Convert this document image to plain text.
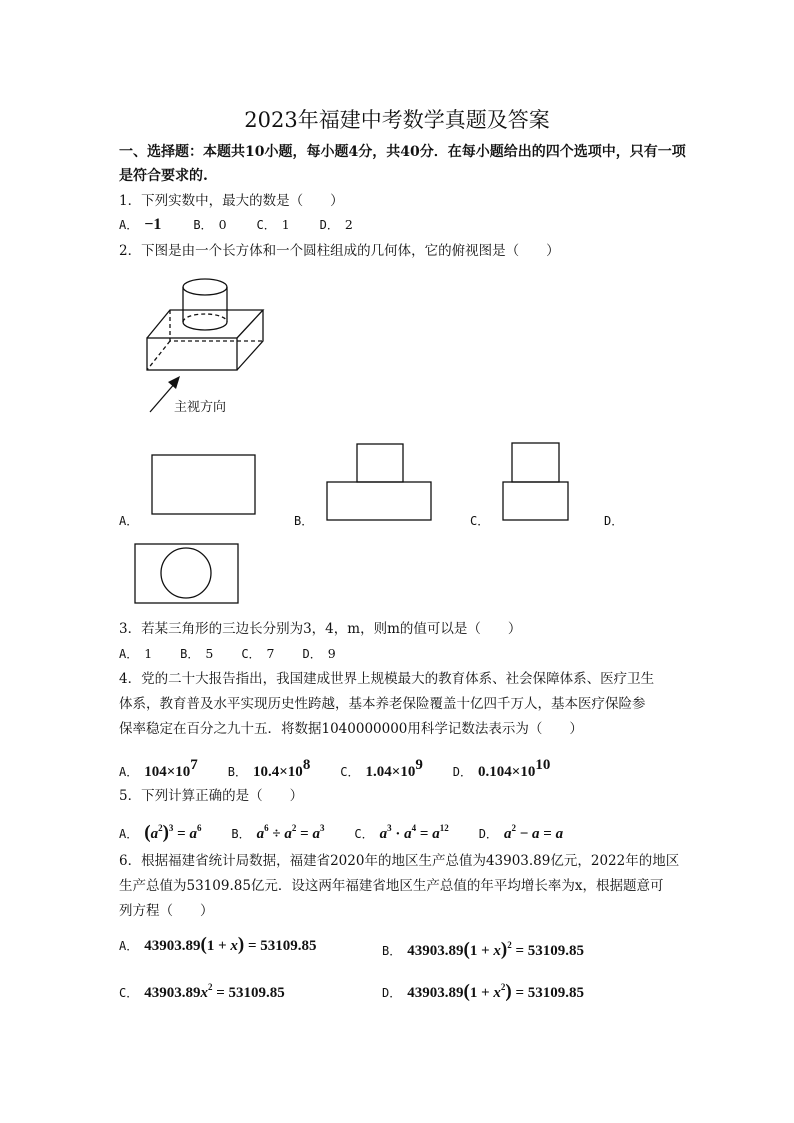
2023年福建中考数学真题及答案
一、选择题：本题共10小题，每小题4分，共40分．在每小题给出的四个选项中，只有一项
是符合要求的.
1．下列实数中，最大的数是（　　）
A． −1	B． 0 C． 1 D． 2
2．下图是由一个长方体和一个圆柱组成的几何体，它的俯视图是（　　）
主视方向
A．	B．	C．	D．
3．若某三角形的三边长分别为3，4，m，则m的值可以是（　　）
A． 1 B． 5 C． 7 D． 9
4．党的二十大报告指出，我国建成世界上规模最大的教育体系、社会保障体系、医疗卫生
体系，教育普及水平实现历史性跨越，基本养老保险覆盖十亿四千万人，基本医疗保险参
保率稳定在百分之九十五．将数据1040000000用科学记数法表示为（　　）
A． $104\times 10^7$ B． $10.4\times 10^8$ C． $1.04\times 10^9$ D． $0.104\times 10^{10}$
5．下列计算正确的是（　　）
A． $(a^2)^3 = a^6$ B． $a^6 \div a^2 = a^3$ C． $a^3 \cdot a^4 = a^{12}$ D． $a^2 - a = a$
6．根据福建省统计局数据，福建省2020年的地区生产总值为43903.89亿元，2022年的地区
生产总值为53109.85亿元．设这两年福建省地区生产总值的年平均增长率为x，根据题意可
列方程（　　）
A． 43903.89(1 + x) = 53109.85	B． $43903.89(1 + x)^2 = 53109.85$
C． $43903.89x^2 = 53109.85$	D． $43903.89(1 + x^2) = 53109.85$
